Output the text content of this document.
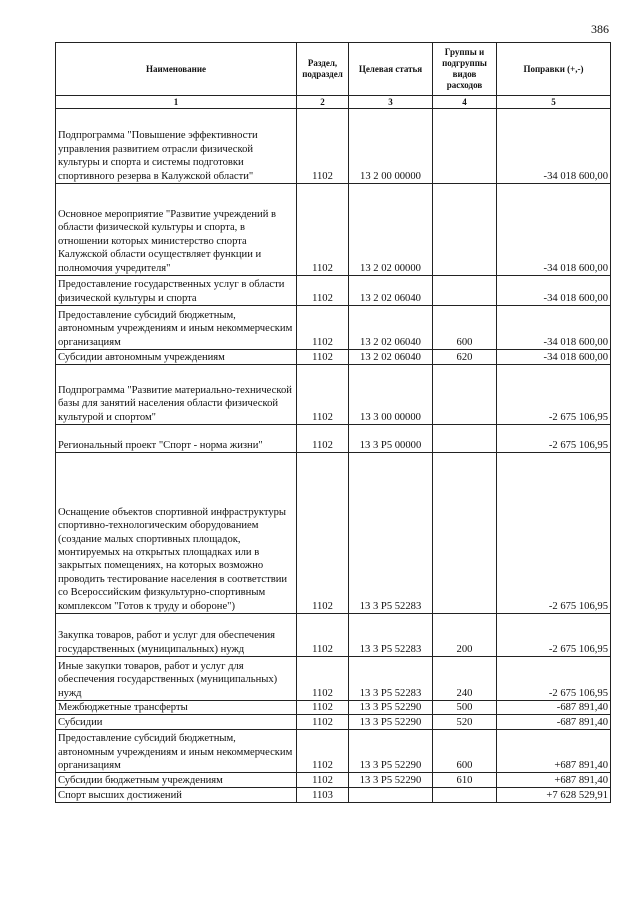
386
Наименование	Раздел, подраздел	Целевая статья	Группы и подгруппы видов расходов	Поправки (+,-)
1	2	3	4	5
Подпрограмма "Повышение эффективности управления развитием отрасли физической культуры и спорта и системы подготовки спортивного резерва в Калужской области"	1102	13 2 00 00000		-34 018 600,00
Основное мероприятие "Развитие учреждений в области физической культуры и спорта, в отношении которых министерство спорта Калужской области осуществляет функции и полномочия учредителя"	1102	13 2 02 00000		-34 018 600,00
Предоставление государственных услуг в области физической культуры и спорта	1102	13 2 02 06040		-34 018 600,00
Предоставление субсидий бюджетным, автономным учреждениям и иным некоммерческим организациям	1102	13 2 02 06040	600	-34 018 600,00
Субсидии автономным учреждениям	1102	13 2 02 06040	620	-34 018 600,00
Подпрограмма "Развитие материально-технической базы для занятий населения области физической культурой и спортом"	1102	13 3 00 00000		-2 675 106,95
Региональный проект "Спорт - норма жизни"	1102	13 3 P5 00000		-2 675 106,95
Оснащение объектов спортивной инфраструктуры спортивно-технологическим оборудованием (создание малых спортивных площадок, монтируемых на открытых площадках или в закрытых помещениях, на которых возможно проводить тестирование населения в соответствии со Всероссийским физкультурно-спортивным комплексом "Готов к труду и обороне")	1102	13 3 P5 52283		-2 675 106,95
Закупка товаров, работ и услуг для обеспечения государственных (муниципальных) нужд	1102	13 3 P5 52283	200	-2 675 106,95
Иные закупки товаров, работ и услуг для обеспечения государственных (муниципальных) нужд	1102	13 3 P5 52283	240	-2 675 106,95
Межбюджетные трансферты	1102	13 3 P5 52290	500	-687 891,40
Субсидии	1102	13 3 P5 52290	520	-687 891,40
Предоставление субсидий бюджетным, автономным учреждениям и иным некоммерческим организациям	1102	13 3 P5 52290	600	+687 891,40
Субсидии бюджетным учреждениям	1102	13 3 P5 52290	610	+687 891,40
Спорт высших достижений	1103			+7 628 529,91
